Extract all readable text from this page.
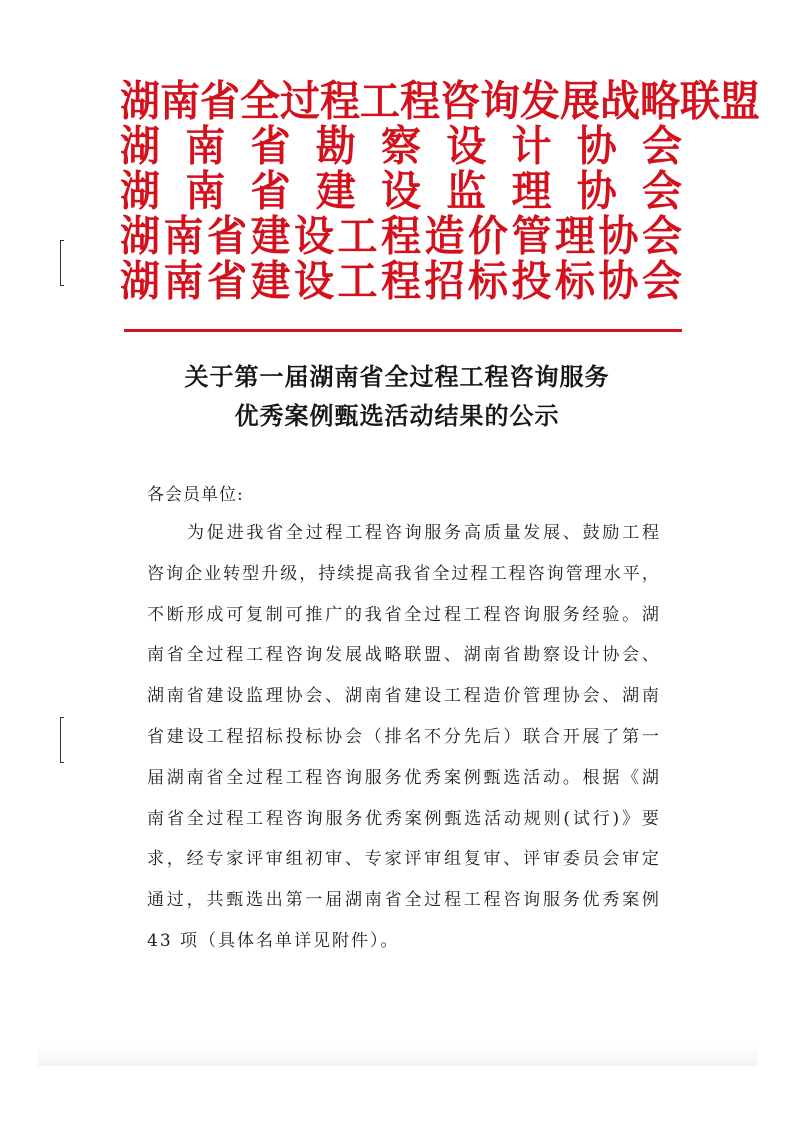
湖 南 省 全 过 程 工 程 咨 询 发 展 战 略 联 盟
湖 南 省 勘 察 设 计 协 会
湖 南 省 建 设 监 理 协 会
湖 南 省 建 设 工 程 造 价 管 理 协 会
湖 南 省 建 设 工 程 招 标 投 标 协 会
关于第一届湖南省全过程工程咨询服务
优秀案例甄选活动结果的公示
各会员单位:
为 促 进 我 省 全 过 程 工 程 咨 询 服 务 高 质 量 发 展 、 鼓 励 工 程
咨 询 企 业 转 型 升 级 ， 持 续 提 高 我 省 全 过 程 工 程 咨 询 管 理 水 平 ，
不 断 形 成 可 复 制 可 推 广 的 我 省 全 过 程 工 程 咨 询 服 务 经 验 。 湖
南 省 全 过 程 工 程 咨 询 发 展 战 略 联 盟 、 湖 南 省 勘 察 设 计 协 会 、
湖 南 省 建 设 监 理 协 会 、 湖 南 省 建 设 工 程 造 价 管 理 协 会 、 湖 南
省 建 设 工 程 招 标 投 标 协 会 （ 排 名 不 分 先 后 ） 联 合 开 展 了 第 一
届 湖 南 省 全 过 程 工 程 咨 询 服 务 优 秀 案 例 甄 选 活 动 。 根 据 《 湖
南 省 全 过 程 工 程 咨 询 服 务 优 秀 案 例 甄 选 活 动 规 则 ( 试 行 ) 》 要
求 ， 经 专 家 评 审 组 初 审 、 专 家 评 审 组 复 审 、 评 审 委 员 会 审 定
通 过 ， 共 甄 选 出 第 一 届 湖 南 省 全 过 程 工 程 咨 询 服 务 优 秀 案 例
43 项（具体名单详见附件）。
